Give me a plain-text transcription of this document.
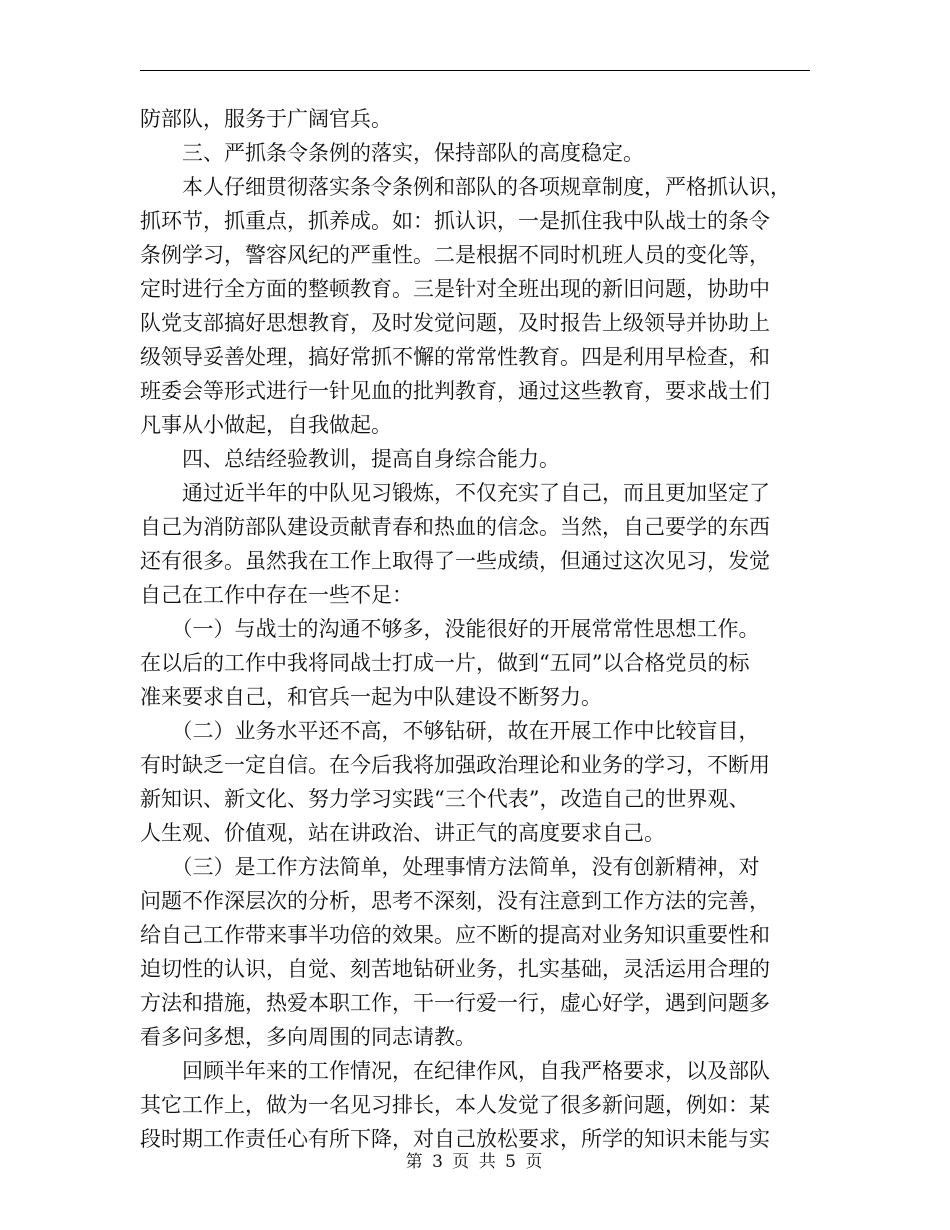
防部队，服务于广阔官兵。
　　三、严抓条令条例的落实，保持部队的高度稳定。
　　本人仔细贯彻落实条令条例和部队的各项规章制度，严格抓认识，
抓环节，抓重点，抓养成。如：抓认识，一是抓住我中队战士的条令
条例学习，警容风纪的严重性。二是根据不同时机班人员的变化等，
定时进行全方面的整顿教育。三是针对全班出现的新旧问题，协助中
队党支部搞好思想教育，及时发觉问题，及时报告上级领导并协助上
级领导妥善处理，搞好常抓不懈的常常性教育。四是利用早检查，和
班委会等形式进行一针见血的批判教育，通过这些教育，要求战士们
凡事从小做起，自我做起。
　　四、总结经验教训，提高自身综合能力。
　　通过近半年的中队见习锻炼，不仅充实了自己，而且更加坚定了
自己为消防部队建设贡献青春和热血的信念。当然，自己要学的东西
还有很多。虽然我在工作上取得了一些成绩，但通过这次见习，发觉
自己在工作中存在一些不足：
　　（一）与战士的沟通不够多，没能很好的开展常常性思想工作。
在以后的工作中我将同战士打成一片，做到“五同”以合格党员的标
准来要求自己，和官兵一起为中队建设不断努力。
　　（二）业务水平还不高，不够钻研，故在开展工作中比较盲目，
有时缺乏一定自信。在今后我将加强政治理论和业务的学习，不断用
新知识、新文化、努力学习实践“三个代表”，改造自己的世界观、
人生观、价值观，站在讲政治、讲正气的高度要求自己。
　　（三）是工作方法简单，处理事情方法简单，没有创新精神，对
问题不作深层次的分析，思考不深刻，没有注意到工作方法的完善，
给自己工作带来事半功倍的效果。应不断的提高对业务知识重要性和
迫切性的认识，自觉、刻苦地钻研业务，扎实基础，灵活运用合理的
方法和措施，热爱本职工作，干一行爱一行，虚心好学，遇到问题多
看多问多想，多向周围的同志请教。
　　回顾半年来的工作情况，在纪律作风，自我严格要求，以及部队
其它工作上，做为一名见习排长，本人发觉了很多新问题，例如：某
段时期工作责任心有所下降，对自己放松要求，所学的知识未能与实
第 3 页 共 5 页
